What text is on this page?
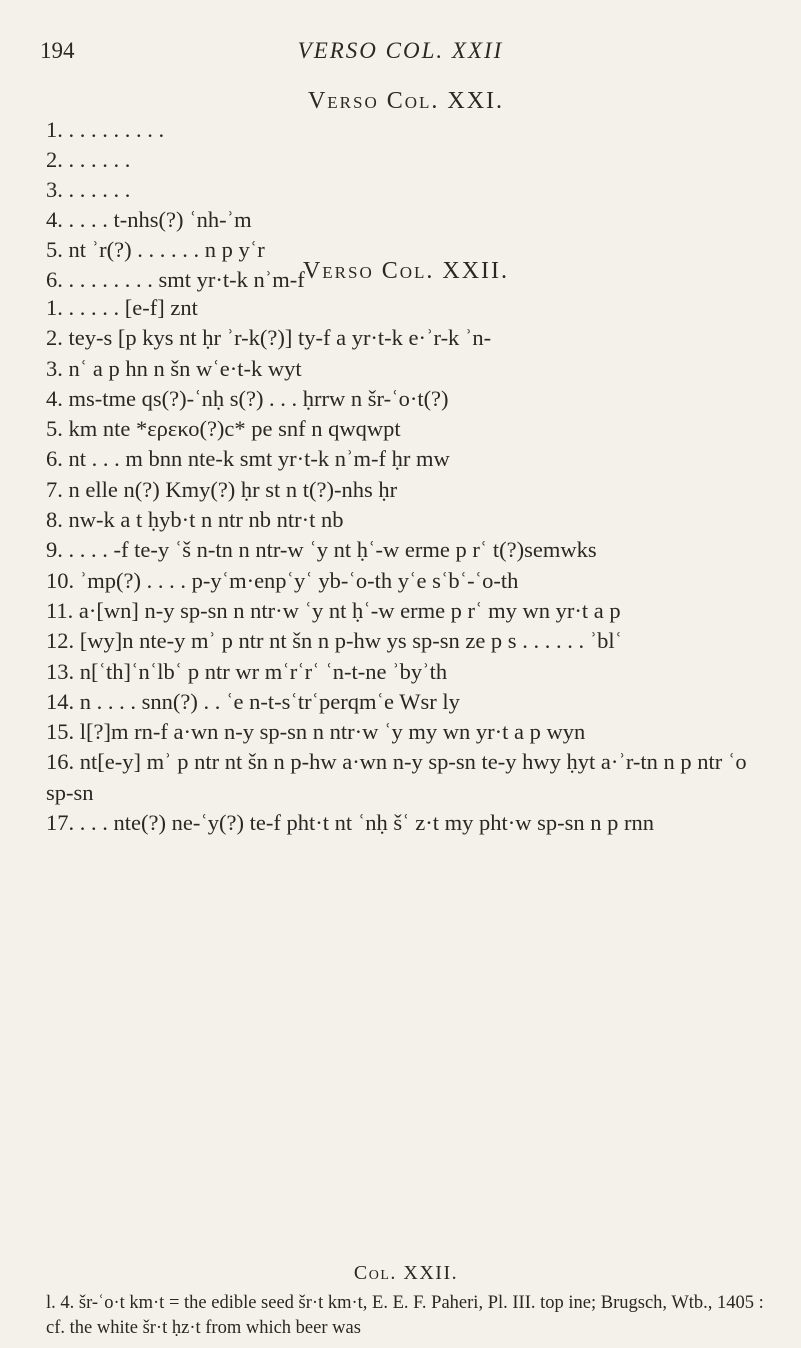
194	VERSO COL. XXII
Verso Col. XXI.
1. . . . . . . . . .
2. . . . . . .
3. . . . . . .
4. . . . . t-nhs(?) ʿnh-ʾm
5. nt ʾr(?) . . . . . . n p yʿr
6. . . . . . . . . smt yr·t-k nʾm-f
Verso Col. XXII.
1. . . . . . [e-f] znt
2. tey-s [p kys nt ḥr ʾr-k(?)] ty-f a yr·t-k e·ʾr-k ʾn-
3. nʿ a p hn n šn wʿe·t-k wyt
4. ms-tme qs(?)-ʿnḥ s(?) . . . ḥrrw n šr-ʿo·t(?)
5. km nte *ερεκο(?)c* pe snf n qwqwpt
6. nt . . . m bnn nte-k smt yr·t-k nʾm-f ḥr mw
7. n elle n(?) Kmy(?) ḥr st n t(?)-nhs ḥr
8. nw-k a t ḥyb·t n ntr nb ntr·t nb
9. . . . . -f te-y ʿš n-tn n ntr-w ʿy nt ḥʿ-w erme p rʿ t(?)semwks
10. ʾmp(?) . . . . p-yʿm·enpʿyʿ yb-ʿo-th yʿe sʿbʿ-ʿo-th
11. a·[wn] n-y sp-sn n ntr·w ʿy nt ḥʿ-w erme p rʿ my wn yr·t a p
12. [wy]n nte-y mʾ p ntr nt šn n p-hw ys sp-sn ze p s . . . . . . ʾblʿ
13. n[ʿth]ʿnʿlbʿ p ntr wr mʿrʿrʿ ʿn-t-ne ʾbyʾth
14. n . . . . snn(?) . . ʿe n-t-sʿtrʿperqmʿe Wsr ly
15. l[?]m rn-f a·wn n-y sp-sn n ntr·w ʿy my wn yr·t a p wyn
16. nt[e-y] mʾ p ntr nt šn n p-hw a·wn n-y sp-sn te-y hwy ḥyt a·ʾr-tn n p ntr ʿo sp-sn
17. . . . nte(?) ne-ʿy(?) te-f pht·t nt ʿnḥ šʿ z·t my pht·w sp-sn n p rnn
Col. XXII.
l. 4. šr-ʿo·t km·t = the edible seed šr·t km·t, E. E. F. Paheri, Pl. III. top ine; Brugsch, Wtb., 1405 : cf. the white šr·t ḥz·t from which beer was
